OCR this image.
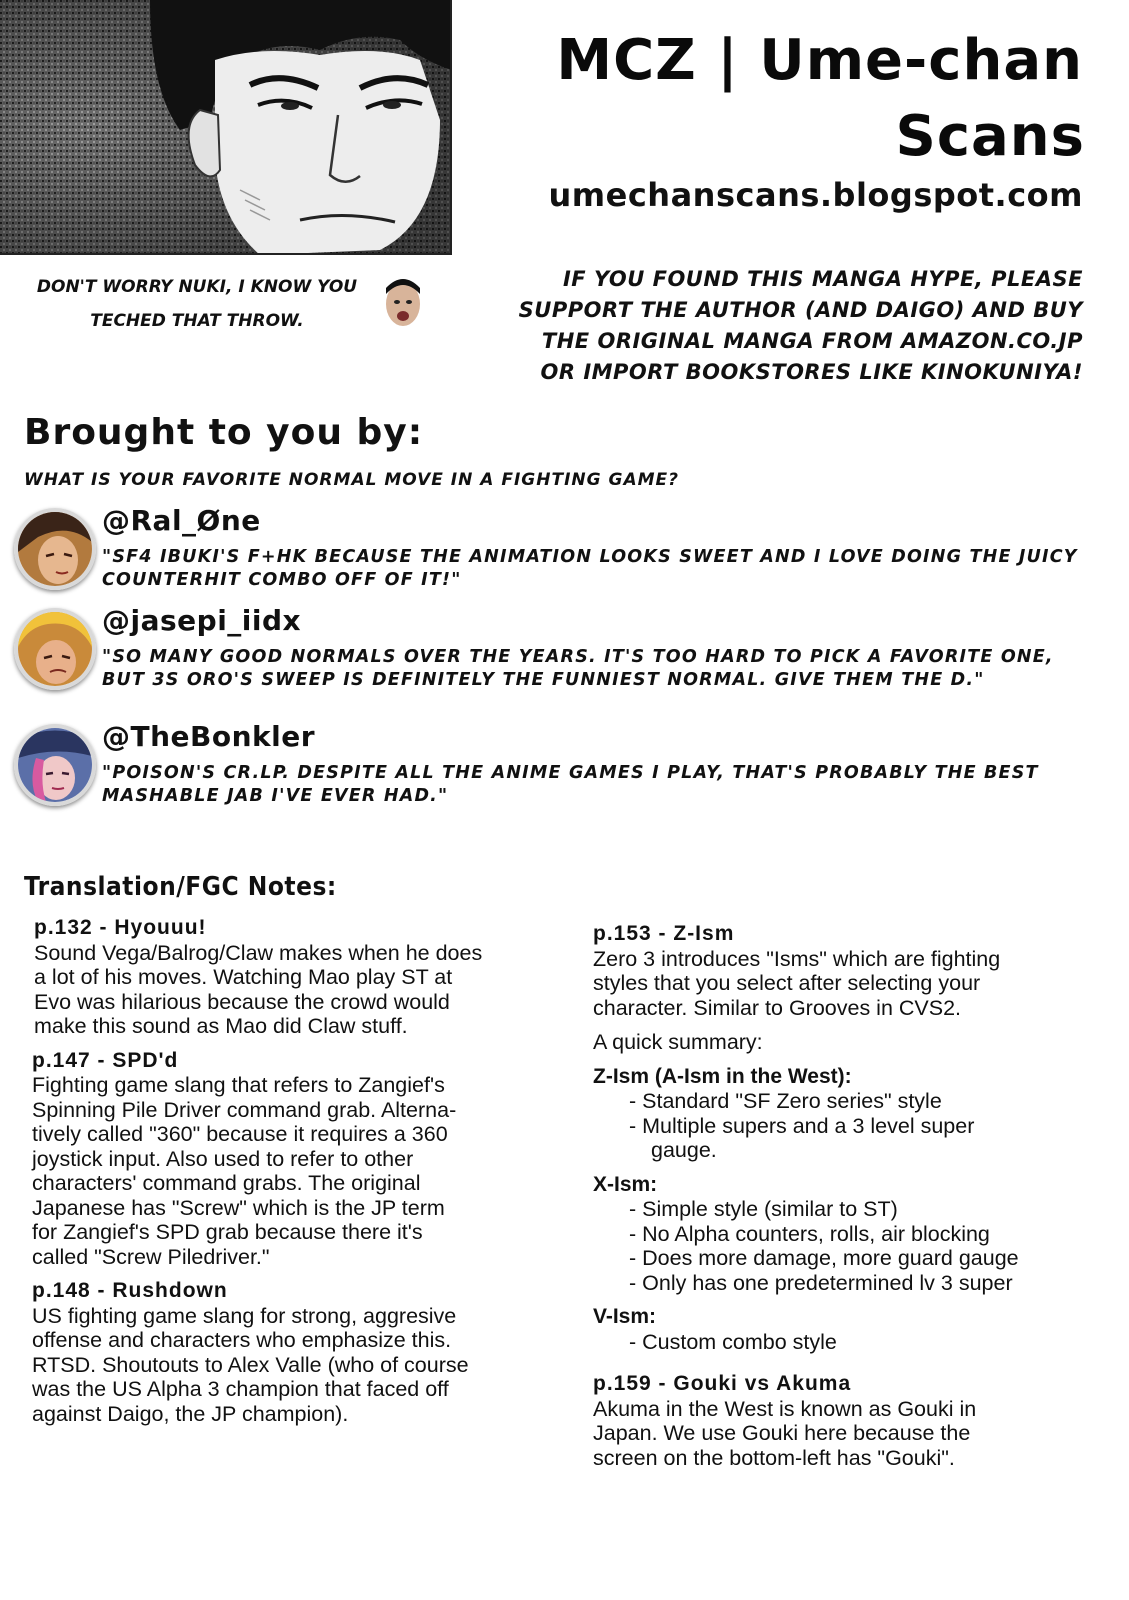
MCZ | Ume-chan
Scans
umechanscans.blogspot.com
DON'T WORRY NUKI, I KNOW YOU
TECHED THAT THROW.
IF YOU FOUND THIS MANGA HYPE, PLEASE
SUPPORT THE AUTHOR (AND DAIGO) AND BUY
THE ORIGINAL MANGA FROM AMAZON.CO.JP
OR IMPORT BOOKSTORES LIKE KINOKUNIYA!
Brought to you by:
WHAT IS YOUR FAVORITE NORMAL MOVE IN A FIGHTING GAME?
@Ral_Øne
"SF4 IBUKI'S F+HK BECAUSE THE ANIMATION LOOKS SWEET AND I LOVE DOING THE JUICY COUNTERHIT COMBO OFF OF IT!"
@jasepi_iidx
"SO MANY GOOD NORMALS OVER THE YEARS. IT'S TOO HARD TO PICK A FAVORITE ONE, BUT 3S ORO'S SWEEP IS DEFINITELY THE FUNNIEST NORMAL. GIVE THEM THE D."
@TheBonkler
"POISON'S CR.LP. DESPITE ALL THE ANIME GAMES I PLAY, THAT'S PROBABLY THE BEST MASHABLE JAB I'VE EVER HAD."
Translation/FGC Notes:

p.132 - Hyouuu!

Sound Vega/Balrog/Claw makes when he does

a lot of his moves. Watching Mao play ST at

Evo was hilarious because the crowd would

make this sound as Mao did Claw stuff.

p.147 - SPD'd

Fighting game slang that refers to Zangief's

Spinning Pile Driver command grab. Alterna-

tively called "360" because it requires a 360

joystick input. Also used to refer to other

characters' command grabs. The original

Japanese has "Screw" which is the JP term

for Zangief's SPD grab because there it's

called "Screw Piledriver."

p.148 - Rushdown

US fighting game slang for strong, aggresive

offense and characters who emphasize this.

RTSD. Shoutouts to Alex Valle (who of course

was the US Alpha 3 champion that faced off

against Daigo, the JP champion).

p.153 - Z-Ism

Zero 3 introduces "Isms" which are fighting

styles that you select after selecting your

character. Similar to Grooves in CVS2.

A quick summary:

Z-Ism (A-Ism in the West):

- Standard "SF Zero series" style

- Multiple supers and a 3 level super

gauge.

X-Ism:

- Simple style (similar to ST)

- No Alpha counters, rolls, air blocking

- Does more damage, more guard gauge

- Only has one predetermined lv 3 super

V-Ism:

- Custom combo style

p.159 - Gouki vs Akuma

Akuma in the West is known as Gouki in

Japan. We use Gouki here because the

screen on the bottom-left has "Gouki".
